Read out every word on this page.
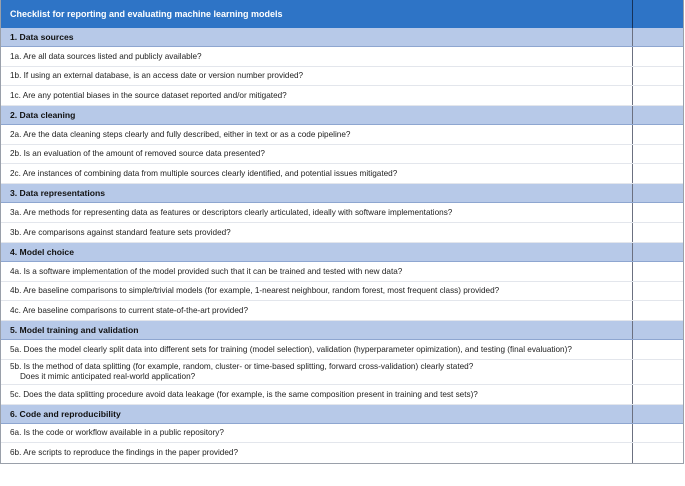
Checklist for reporting and evaluating machine learning models
1. Data sources
1a. Are all data sources listed and publicly available?
1b. If using an external database, is an access date or version number provided?
1c. Are any potential biases in the source dataset reported and/or mitigated?
2. Data cleaning
2a. Are the data cleaning steps clearly and fully described, either in text or as a code pipeline?
2b. Is an evaluation of the amount of removed source data presented?
2c. Are instances of combining data from multiple sources clearly identified, and potential issues mitigated?
3. Data representations
3a. Are methods for representing data as features or descriptors clearly articulated, ideally with software implementations?
3b. Are comparisons against standard feature sets provided?
4. Model choice
4a. Is a software implementation of the model provided such that it can be trained and tested with new data?
4b. Are baseline comparisons to simple/trivial models (for example, 1-nearest neighbour, random forest, most frequent class) provided?
4c. Are baseline comparisons to current state-of-the-art provided?
5. Model training and validation
5a. Does the model clearly split data into different sets for training (model selection), validation (hyperparameter opimization), and testing (final evaluation)?
5b. Is the method of data splitting (for example, random, cluster- or time-based splitting, forward cross-validation) clearly stated?
Does it mimic anticipated real-world application?
5c. Does the data splitting procedure avoid data leakage (for example, is the same composition present in training and test sets)?
6. Code and reproducibility
6a. Is the code or workflow available in a public repository?
6b. Are scripts to reproduce the findings in the paper provided?
